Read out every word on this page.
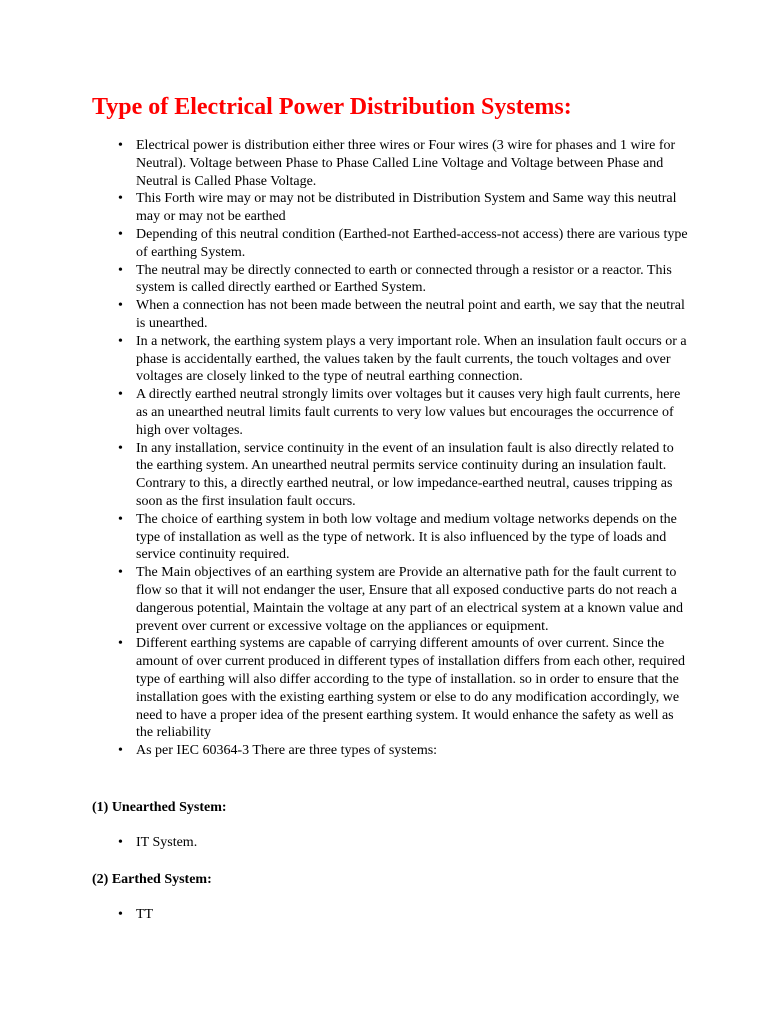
Type of Electrical Power Distribution Systems:
• Electrical power is distribution either three wires or Four wires (3 wire for phases and 1 wire for Neutral). Voltage between Phase to Phase Called Line Voltage and Voltage between Phase and Neutral is Called Phase Voltage.
• This Forth wire may or may not be distributed in Distribution System and Same way this neutral may or may not be earthed
• Depending of this neutral condition (Earthed-not Earthed-access-not access) there are various type of earthing System.
• The neutral may be directly connected to earth or connected through a resistor or a reactor. This system is called directly earthed or Earthed System.
• When a connection has not been made between the neutral point and earth, we say that the neutral is unearthed.
• In a network, the earthing system plays a very important role. When an insulation fault occurs or a phase is accidentally earthed, the values taken by the fault currents, the touch voltages and over voltages are closely linked to the type of neutral earthing connection.
• A directly earthed neutral strongly limits over voltages but it causes very high fault currents, here as an unearthed neutral limits fault currents to very low values but encourages the occurrence of high over voltages.
• In any installation, service continuity in the event of an insulation fault is also directly related to the earthing system. An unearthed neutral permits service continuity during an insulation fault. Contrary to this, a directly earthed neutral, or low impedance-earthed neutral, causes tripping as soon as the first insulation fault occurs.
• The choice of earthing system in both low voltage and medium voltage networks depends on the type of installation as well as the type of network. It is also influenced by the type of loads and service continuity required.
• The Main objectives of an earthing system are Provide an alternative path for the fault current to flow so that it will not endanger the user, Ensure that all exposed conductive parts do not reach a dangerous potential, Maintain the voltage at any part of an electrical system at a known value and prevent over current or excessive voltage on the appliances or equipment.
• Different earthing systems are capable of carrying different amounts of over current. Since the amount of over current produced in different types of installation differs from each other, required type of earthing will also differ according to the type of installation. so in order to ensure that the installation goes with the existing earthing system or else to do any modification accordingly, we need to have a proper idea of the present earthing system. It would enhance the safety as well as the reliability
• As per IEC 60364-3 There are three types of systems:
(1) Unearthed System:
• IT System.
(2) Earthed System:
• TT
